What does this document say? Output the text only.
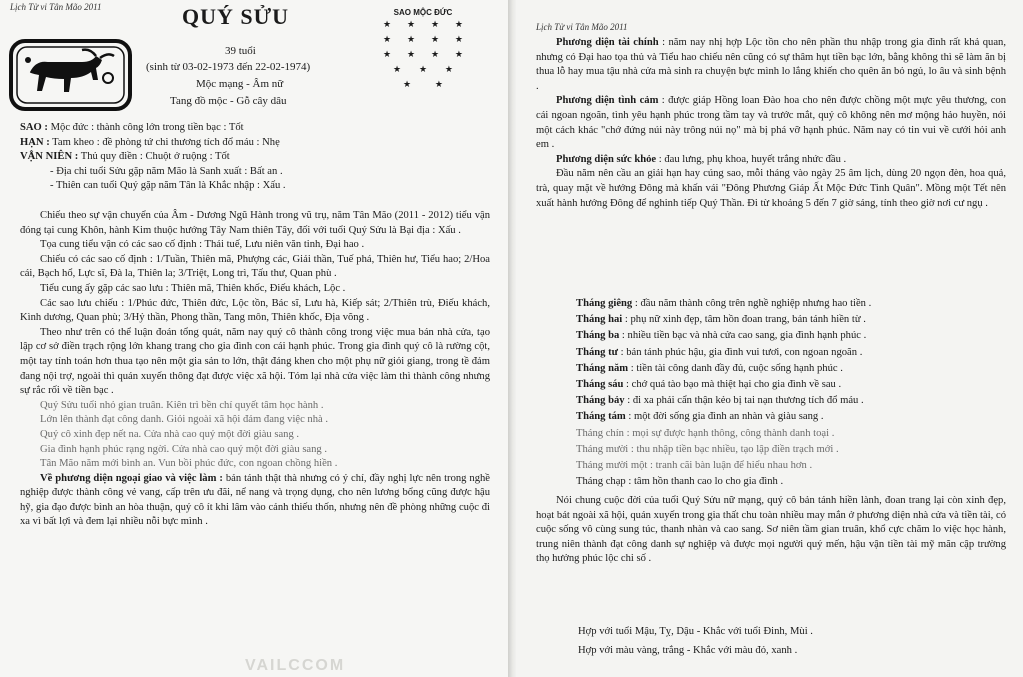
Lịch Tử vi Tân Mão 2011	QUÝ SỬU
39 tuổi
(sinh từ 03-02-1973 đến 22-02-1974)
Mộc mạng - Âm nữ
Tang đồ mộc - Gỗ cây dâu
SAO MỘC ĐỨC
★ ★ ★ ★
★ ★ ★ ★
★ ★ ★ ★
★ ★ ★
★	★

SAO : Mộc đức : thành công lớn trong tiền bạc : Tốt

HẠN : Tam kheo : đề phòng tứ chi thương tích đổ máu : Nhẹ

VẬN NIÊN : Thủ quy điền : Chuột ở ruộng : Tốt

- Địa chi tuổi Sửu gặp năm Mão là Sanh xuất : Bất an .

- Thiên can tuổi Quý gặp năm Tân là Khắc nhập : Xấu .

Chiếu theo sự vận chuyển của Âm - Dương Ngũ Hành trong vũ trụ, năm Tân Mão (2011 - 2012) tiểu vận đóng tại cung Khôn, hành Kim thuộc hướng Tây Nam thiên Tây, đối với tuổi Quý Sửu là Bại địa : Xấu .

Tọa cung tiểu vận có các sao cố định : Thái tuế, Lưu niên văn tinh, Đại hao .

Chiếu có các sao cố định : 1/Tuần, Thiên mã, Phượng các, Giải thần, Tuế phá, Thiên hư, Tiểu hao; 2/Hoa cái, Bạch hổ, Lực sĩ, Đà la, Thiên la; 3/Triệt, Long trì, Tấu thư, Quan phù .

Tiểu cung ấy gặp các sao lưu : Thiên mã, Thiên khốc, Điếu khách, Lộc .

Các sao lưu chiếu : 1/Phúc đức, Thiên đức, Lộc tồn, Bác sĩ, Lưu hà, Kiếp sát; 2/Thiên trù, Điếu khách, Kình dương, Quan phù; 3/Hỷ thần, Phong thần, Tang môn, Thiên khốc, Địa võng .

Theo như trên có thể luận đoán tổng quát, năm nay quý cô thành công trong việc mua bán nhà cửa, tạo lập cơ sở điền trạch rộng lớn khang trang cho gia đình con cái hạnh phúc. Trong gia đình quý cô là rường cột, một tay tính toán hơn thua tạo nên một gia sản to lớn, thật đáng khen cho một phụ nữ giỏi giang, trong tề đảm đang nội trợ, ngoài thì quán xuyến thông đạt được việc xã hội. Tóm lại nhà cửa việc làm thì thành công nhưng sự rắc rối về tiền bạc .

Quý Sửu tuổi nhỏ gian truân. Kiên trì bền chí quyết tâm học hành .

Lớn lên thành đạt công danh. Giỏi ngoài xã hội đảm đang việc nhà .

Quý cô xinh đẹp nết na. Cửa nhà cao quý một đời giàu sang .

Gia đình hạnh phúc rạng ngời. Cửa nhà cao quý một đời giàu sang .

Tân Mão năm mới bình an. Vun bồi phúc đức, con ngoan chồng hiền .

Về phương diện ngoại giao và việc làm : bản tánh thật thà nhưng có ý chí, đầy nghị lực nên trong nghề nghiệp được thành công vẻ vang, cấp trên ưu đãi, nể nang và trọng dụng, cho nên lương bổng cũng được hậu hỹ, gia đạo được bình an hòa thuận, quý cô ít khi lâm vào cảnh thiếu thốn, nhưng nên đề phòng những cuộc đi xa vì bất lợi và đem lại nhiều nỗi bực mình .

VAILCCOM
Lịch Tử vi Tân Mão 2011

Phương diện tài chính : năm nay nhị hợp Lộc tồn cho nên phần thu nhập trong gia đình rất khả quan, nhưng có Đại hao tọa thủ và Tiểu hao chiếu nên cũng có sự thâm hụt tiền bạc lớn, bằng không thì sẽ làm ăn bị thua lỗ hay mua tậu nhà cửa mà sinh ra chuyện bực mình lo lắng khiến cho quên ăn bỏ ngủ, lo âu và sinh bệnh .

Phương diện tình cảm : được giáp Hồng loan Đào hoa cho nên được chồng một mực yêu thương, con cái ngoan ngoãn, tình yêu hạnh phúc trong tầm tay và trước mắt, quý cô không nên mơ mộng hảo huyền, nói một cách khác "chớ đứng núi này trông núi nọ" mà bị phá vỡ hạnh phúc. Năm nay có tin vui về cưới hỏi anh em .

Phương diện sức khỏe : đau lưng, phụ khoa, huyết trắng nhức đầu .

Đầu năm nên cầu an giải hạn hay cúng sao, mỗi tháng vào ngày 25 âm lịch, dùng 20 ngọn đèn, hoa quả, trà, quay mặt về hướng Đông mà khấn vái "Đông Phương Giáp Ất Mộc Đức Tinh Quân". Mồng một Tết nên xuất hành hướng Đông để nghinh tiếp Quý Thần. Đi từ khoảng 5 đến 7 giờ sáng, tính theo giờ nơi cư ngụ .

Tháng giêng : đầu năm thành công trên nghề nghiệp nhưng hao tiền .
Tháng hai : phụ nữ xinh đẹp, tâm hồn đoan trang, bản tánh hiền từ .
Tháng ba : nhiều tiền bạc và nhà cửa cao sang, gia đình hạnh phúc .
Tháng tư : bản tánh phúc hậu, gia đình vui tươi, con ngoan ngoãn .
Tháng năm : tiền tài công danh đầy đủ, cuộc sống hạnh phúc .
Tháng sáu : chớ quá tào bạo mà thiệt hại cho gia đình về sau .
Tháng bảy : đi xa phải cẩn thận kẻo bị tai nạn thương tích đổ máu .
Tháng tám : một đời sống gia đình an nhàn và giàu sang .
Tháng chín : mọi sự được hạnh thông, công thành danh toại .
Tháng mười : thu nhập tiền bạc nhiều, tạo lập điền trạch mới .
Tháng mười một : tranh cãi bàn luận để hiểu nhau hơn .
Tháng chạp : tâm hồn thanh cao lo cho gia đình .

Nói chung cuộc đời của tuổi Quý Sửu nữ mạng, quý cô bản tánh hiền lành, đoan trang lại còn xinh đẹp, hoạt bát ngoài xã hội, quán xuyến trong gia thất chu toàn nhiều may mắn ở phương diện nhà cửa và tiền tài, có cuộc sống vô cùng sung túc, thanh nhàn và cao sang. Sơ niên tầm gian truân, khổ cực chăm lo việc học hành, trung niên thành đạt công danh sự nghiệp và được mọi người quý mến, hậu vận tiền tài mỹ mãn cập trường thọ hưởng phúc lộc chi số .

Hợp với tuổi Mậu, Tỵ, Dậu - Khắc với tuổi Đinh, Mùi .

Hợp với màu vàng, trắng - Khắc với màu đỏ, xanh .
